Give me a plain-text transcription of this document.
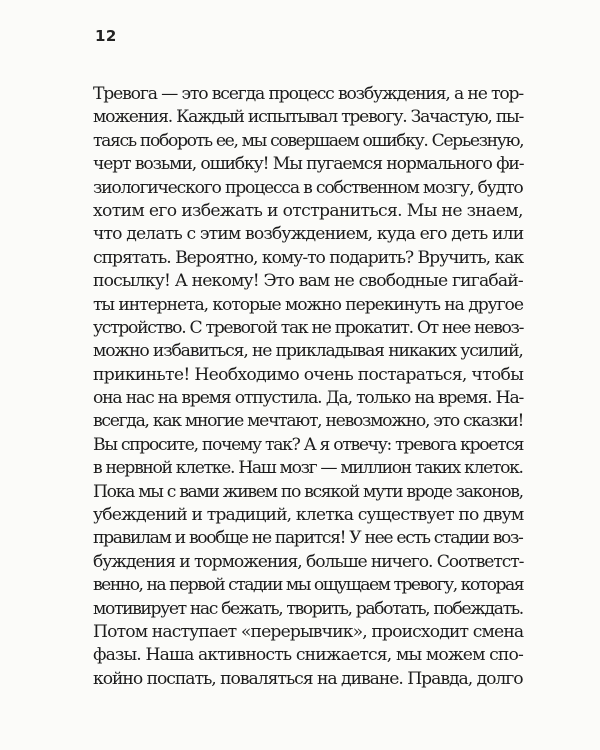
12
Тревога — это всегда процесс возбуждения, а не тор-
можения. Каждый испытывал тревогу. Зачастую, пы-
таясь побороть ее, мы совершаем ошибку. Серьезную,
черт возьми, ошибку! Мы пугаемся нормального фи-
зиологического процесса в собственном мозгу, будто
хотим его избежать и отстраниться. Мы не знаем,
что делать с этим возбуждением, куда его деть или
спрятать. Вероятно, кому-то подарить? Вручить, как
посылку! А некому! Это вам не свободные гигабай-
ты интернета, которые можно перекинуть на другое
устройство. С тревогой так не прокатит. От нее невоз-
можно избавиться, не прикладывая никаких усилий,
прикиньте! Необходимо очень постараться, чтобы
она нас на время отпустила. Да, только на время. На-
всегда, как многие мечтают, невозможно, это сказки!
Вы спросите, почему так? А я отвечу: тревога кроется
в нервной клетке. Наш мозг — миллион таких клеток.
Пока мы с вами живем по всякой мути вроде законов,
убеждений и традиций, клетка существует по двум
правилам и вообще не парится! У нее есть стадии воз-
буждения и торможения, больше ничего. Соответст-
венно, на первой стадии мы ощущаем тревогу, которая
мотивирует нас бежать, творить, работать, побеждать.
Потом наступает «перерывчик», происходит смена
фазы. Наша активность снижается, мы можем спо-
койно поспать, поваляться на диване. Правда, долго
